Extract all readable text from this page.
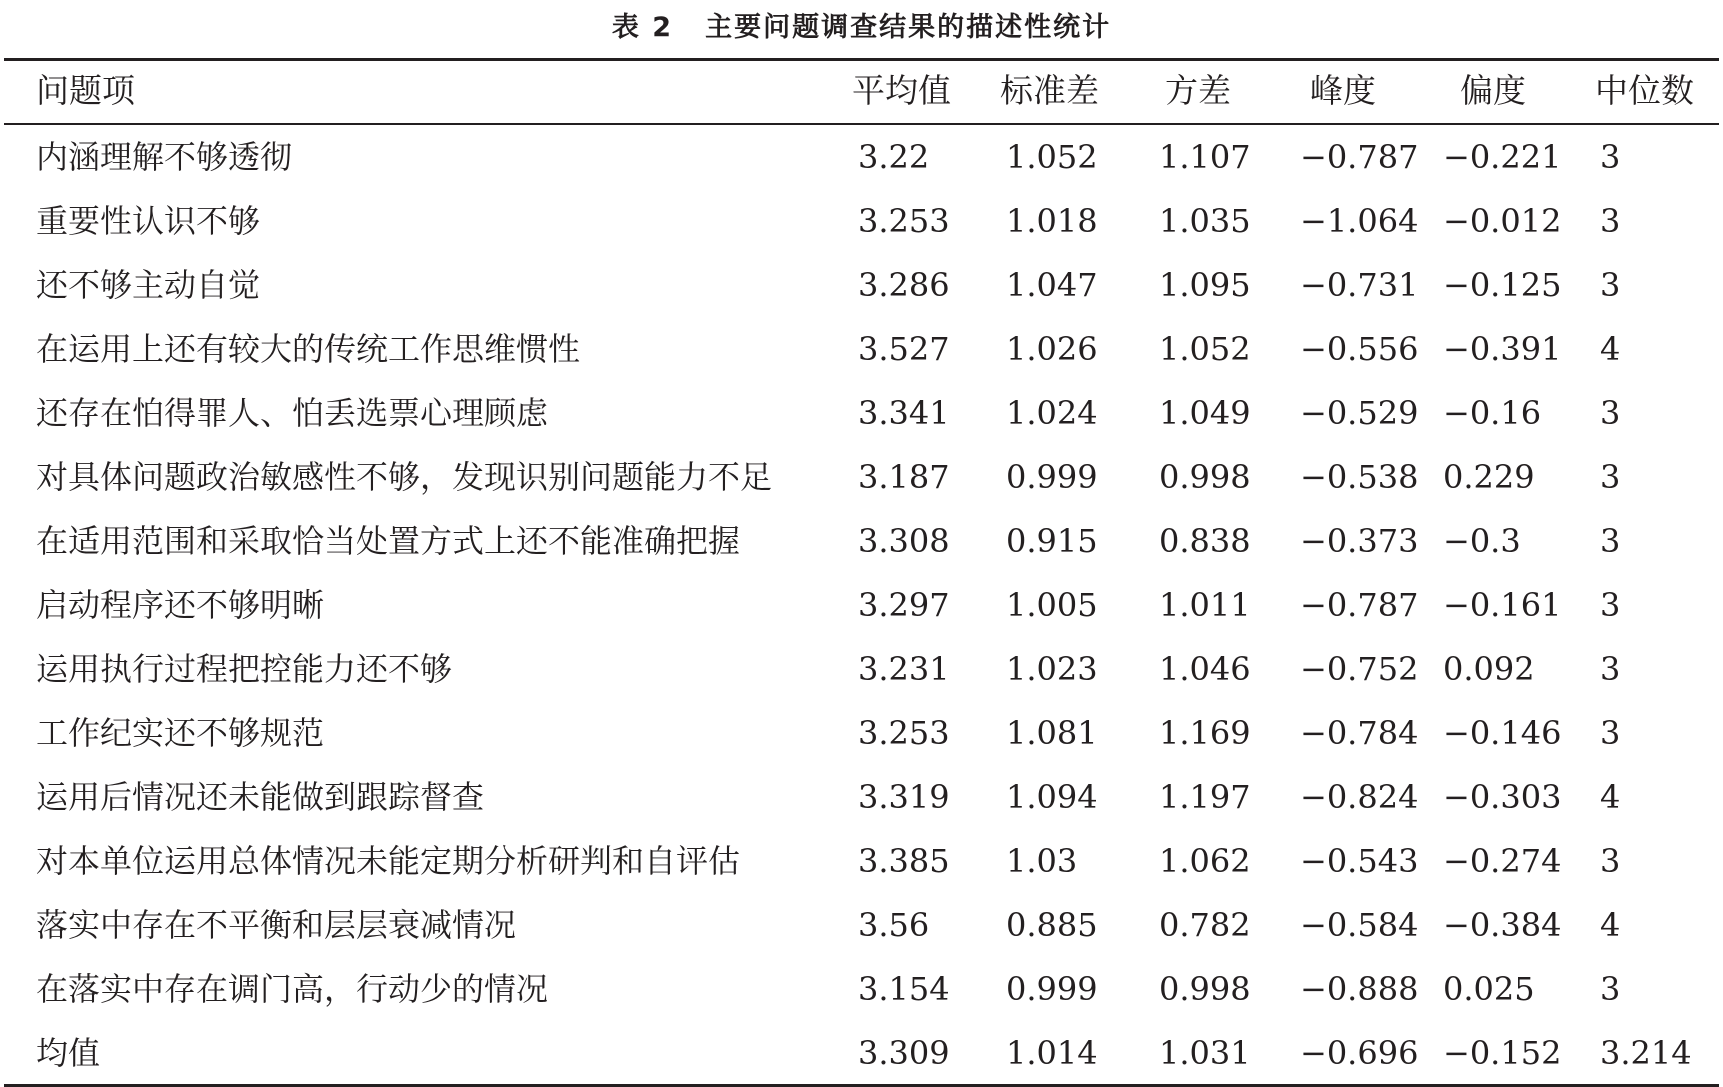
表 2 主要问题调查结果的描述性统计
问题项	平均值 标准差 方差 峰度	偏度 中位数
内涵理解不够透彻	3.22 1.052 1.107 −0.787 −0.221 3
重要性认识不够	3.253 1.018 1.035 −1.064 −0.012 3
还不够主动自觉	3.286 1.047 1.095 −0.731 −0.125 3
在运用上还有较大的传统工作思维惯性	3.527 1.026 1.052 −0.556 −0.391 4
还存在怕得罪人、怕丢选票心理顾虑	3.341 1.024 1.049 −0.529 −0.16 3
对具体问题政治敏感性不够，发现识别问题能力不足	3.187 0.999 0.998 −0.538 0.229 3
在适用范围和采取恰当处置方式上还不能准确把握	3.308 0.915 0.838 −0.373 −0.3 3
启动程序还不够明晰	3.297 1.005 1.011 −0.787 −0.161 3
运用执行过程把控能力还不够	3.231 1.023 1.046 −0.752 0.092 3
工作纪实还不够规范	3.253 1.081 1.169 −0.784 −0.146 3
运用后情况还未能做到跟踪督查	3.319 1.094 1.197 −0.824 −0.303 4
对本单位运用总体情况未能定期分析研判和自评估	3.385 1.03	1.062 −0.543 −0.274 3
落实中存在不平衡和层层衰减情况	3.56 0.885 0.782 −0.584 −0.384 4
在落实中存在调门高，行动少的情况	3.154 0.999 0.998 −0.888 0.025 3
均值	3.309 1.014 1.031 −0.696 −0.152 3.214
